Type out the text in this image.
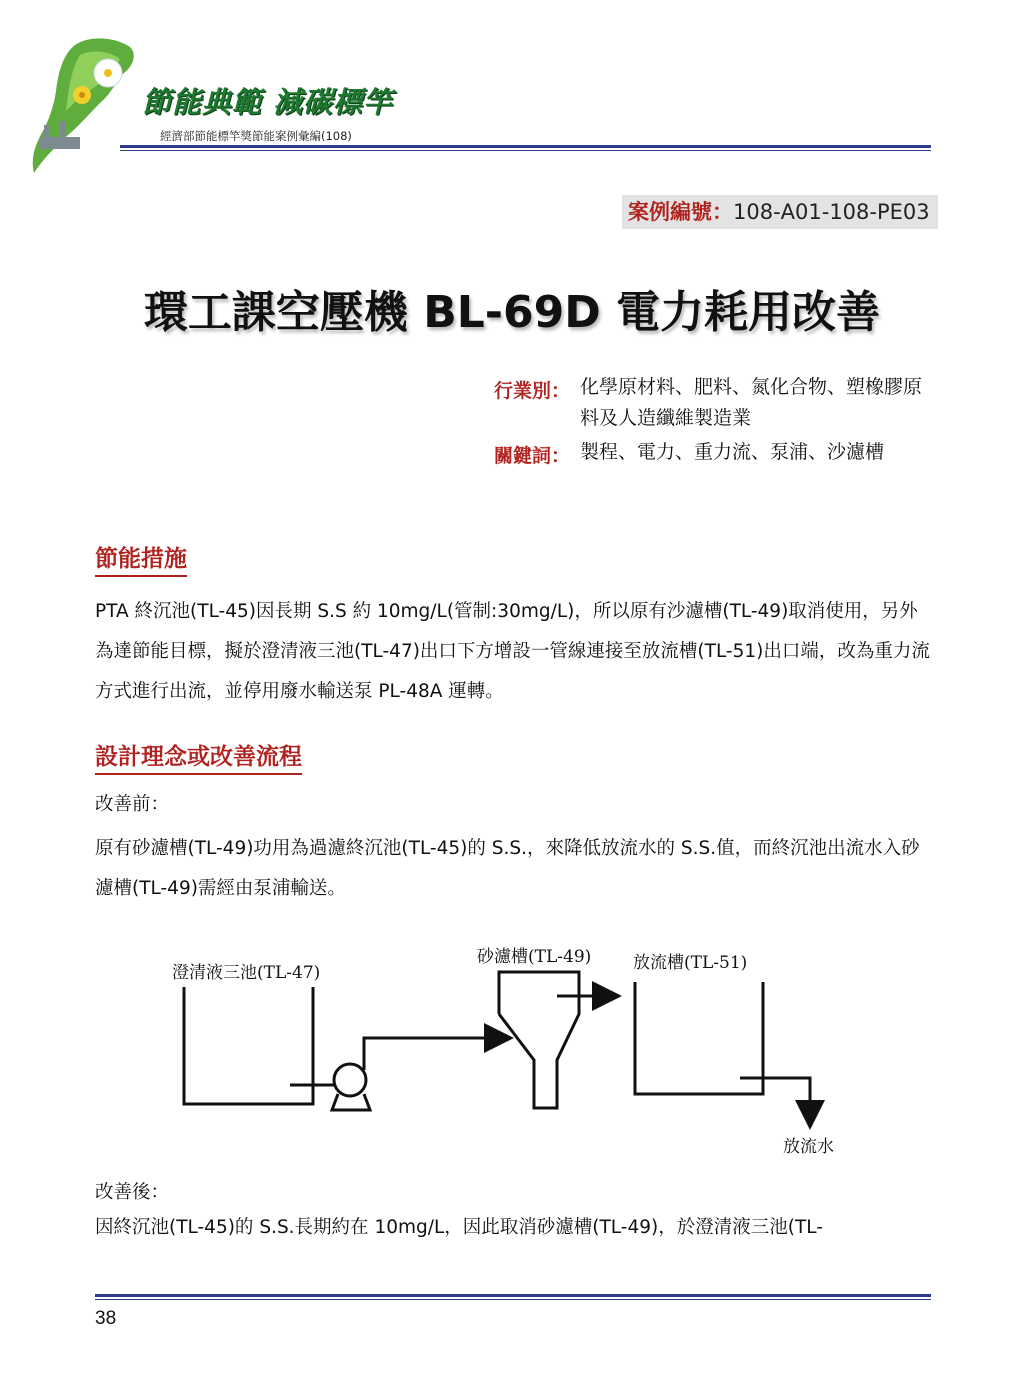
節能典範 減碳標竿
經濟部節能標竿獎節能案例彙編(108)
案例編號：108-A01-108-PE03
環工課空壓機 BL-69D 電力耗用改善
行業別： 化學原材料、肥料、氮化合物、塑橡膠原料及人造纖維製造業
關鍵詞： 製程、電力、重力流、泵浦、沙濾槽
節能措施
PTA 終沉池(TL-45)因長期 S.S 約 10mg/L(管制:30mg/L)，所以原有沙濾槽(TL-49)取消使用，另外為達節能目標，擬於澄清液三池(TL-47)出口下方增設一管線連接至放流槽(TL-51)出口端，改為重力流方式進行出流，並停用廢水輸送泵 PL-48A 運轉。
設計理念或改善流程
改善前：
原有砂濾槽(TL-49)功用為過濾終沉池(TL-45)的 S.S.，來降低放流水的 S.S.值，而終沉池出流水入砂濾槽(TL-49)需經由泵浦輸送。
澄清液三池(TL-47)
砂濾槽(TL-49) 放流槽(TL-51)
放流水
改善後：
因終沉池(TL-45)的 S.S.長期約在 10mg/L，因此取消砂濾槽(TL-49)，於澄清液三池(TL-
38
